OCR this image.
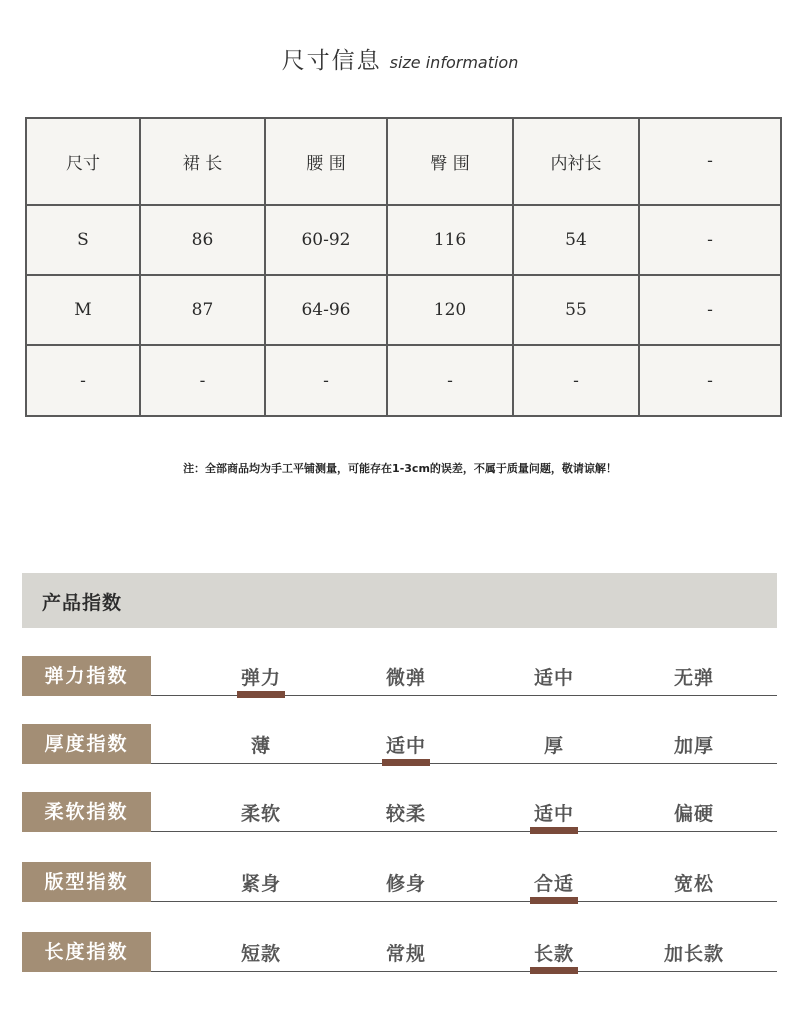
尺寸信息 size information
尺寸	裙 长	腰 围	臀 围	内衬长	-
S	86	60-92	116	54	-
M	87	64-96	120	55	-
-	-	-	-	-	-
注：全部商品均为手工平铺测量，可能存在1-3cm的误差，不属于质量问题，敬请谅解！
产品指数
弹力指数	弹力	微弹	适中	无弹
厚度指数	薄	适中	厚	加厚
柔软指数	柔软	较柔	适中	偏硬
版型指数	紧身	修身	合适	宽松
长度指数	短款	常规	长款	加长款
